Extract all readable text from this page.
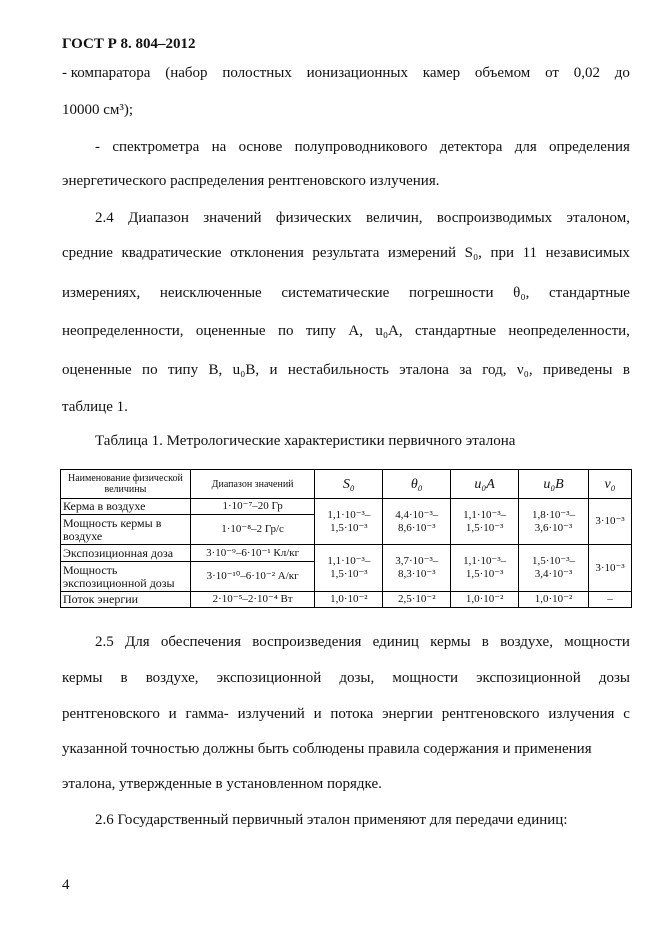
ГОСТ Р 8. 804–2012
- компаратора (набор полостных ионизационных камер объемом от 0,02 до
10000 см³);
- спектрометра на основе полупроводникового детектора для определения
энергетического распределения рентгеновского излучения.
2.4 Диапазон значений физических величин, воспроизводимых эталоном,
средние квадратические отклонения результата измерений S₀, при 11 независимых
измерениях, неисключенные систематические погрешности θ₀, стандартные
неопределенности, оцененные по типу А, u₀A, стандартные неопределенности,
оцененные по типу В, u₀B, и нестабильность эталона за год, ν₀, приведены в
таблице 1.
Таблица 1. Метрологические характеристики первичного эталона
Наименование физической величины	Диапазон значений	S₀	θ₀	u₀A	u₀B	ν₀
Керма в воздухе	1·10⁻⁷–20 Гр	1,1·10⁻³– 1,5·10⁻³	4,4·10⁻³– 8,6·10⁻³	1,1·10⁻³– 1,5·10⁻³	1,8·10⁻³– 3,6·10⁻³	3·10⁻³
Мощность кермы в воздухе	1·10⁻⁸–2 Гр/с					
Экспозиционная доза	3·10⁻⁹–6·10⁻¹ Кл/кг	1,1·10⁻³– 1,5·10⁻³	3,7·10⁻³– 8,3·10⁻³	1,1·10⁻³– 1,5·10⁻³	1,5·10⁻³– 3,4·10⁻³	3·10⁻³
Мощность экспозиционной дозы	3·10⁻¹⁰–6·10⁻² А/кг					
Поток энергии	2·10⁻⁵–2·10⁻⁴ Вт	1,0·10⁻²	2,5·10⁻²	1,0·10⁻²	1,0·10⁻²	–
2.5 Для обеспечения воспроизведения единиц кермы в воздухе, мощности
кермы в воздухе, экспозиционной дозы, мощности экспозиционной дозы
рентгеновского и гамма- излучений и потока энергии рентгеновского излучения с
указанной точностью должны быть соблюдены правила содержания и применения
эталона, утвержденные в установленном порядке.
2.6 Государственный первичный эталон применяют для передачи единиц:
4
